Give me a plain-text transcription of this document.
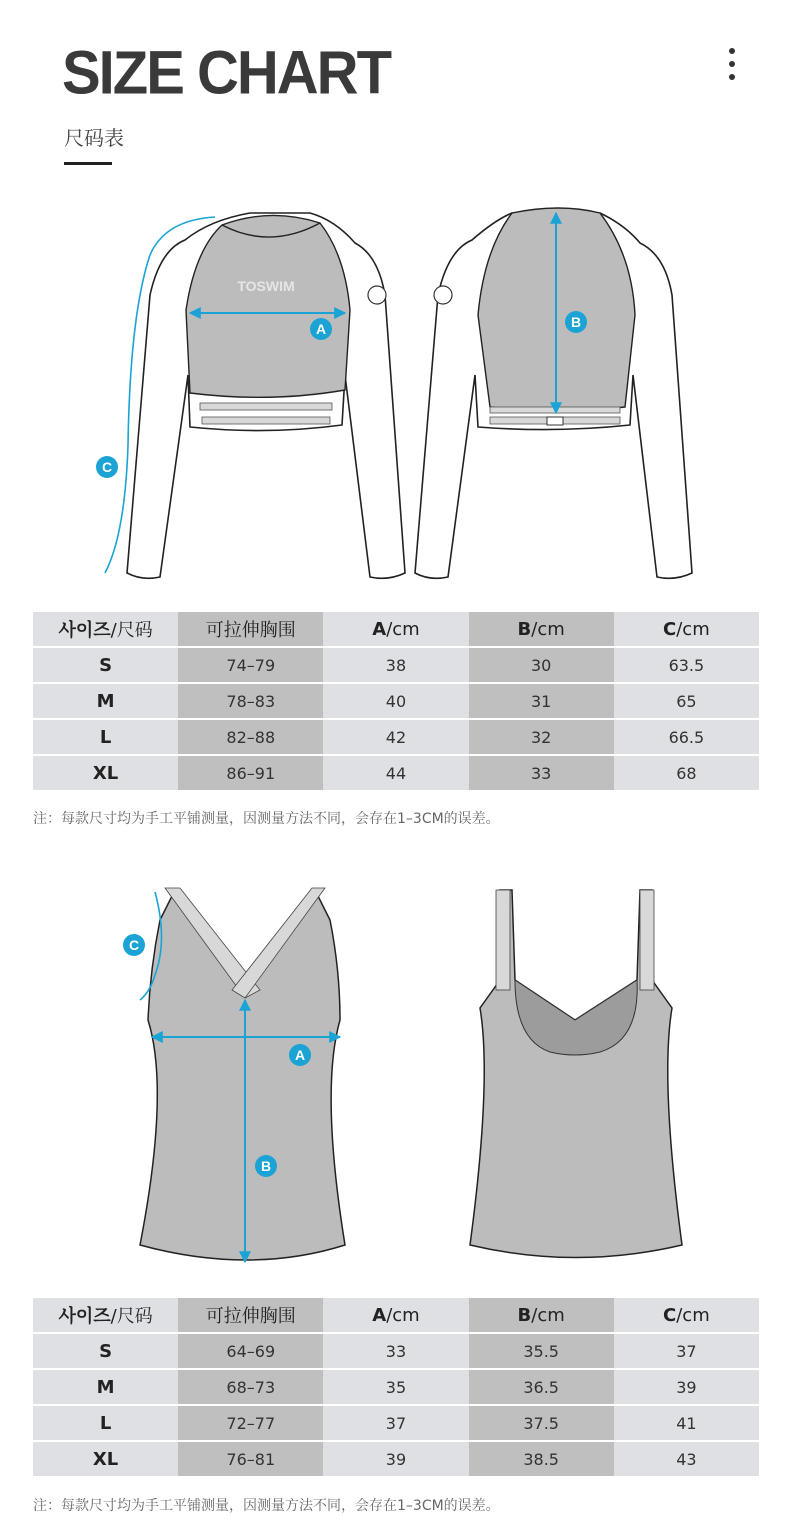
SIZE CHART
尺码表
TOSWIM
A	B
C
사이즈/尺码	可拉伸胸围	A/cm	B/cm	C/cm
S	74–79	38	30	63.5
M	78–83	40	31	65
L	82–88	42	32	66.5
XL	86–91	44	33	68
注：每款尺寸均为手工平铺测量，因测量方法不同，会存在1–3CM的误差。
A
B
C
사이즈/尺码	可拉伸胸围	A/cm	B/cm	C/cm
S	64–69	33	35.5	37
M	68–73	35	36.5	39
L	72–77	37	37.5	41
XL	76–81	39	38.5	43
注：每款尺寸均为手工平铺测量，因测量方法不同，会存在1–3CM的误差。
